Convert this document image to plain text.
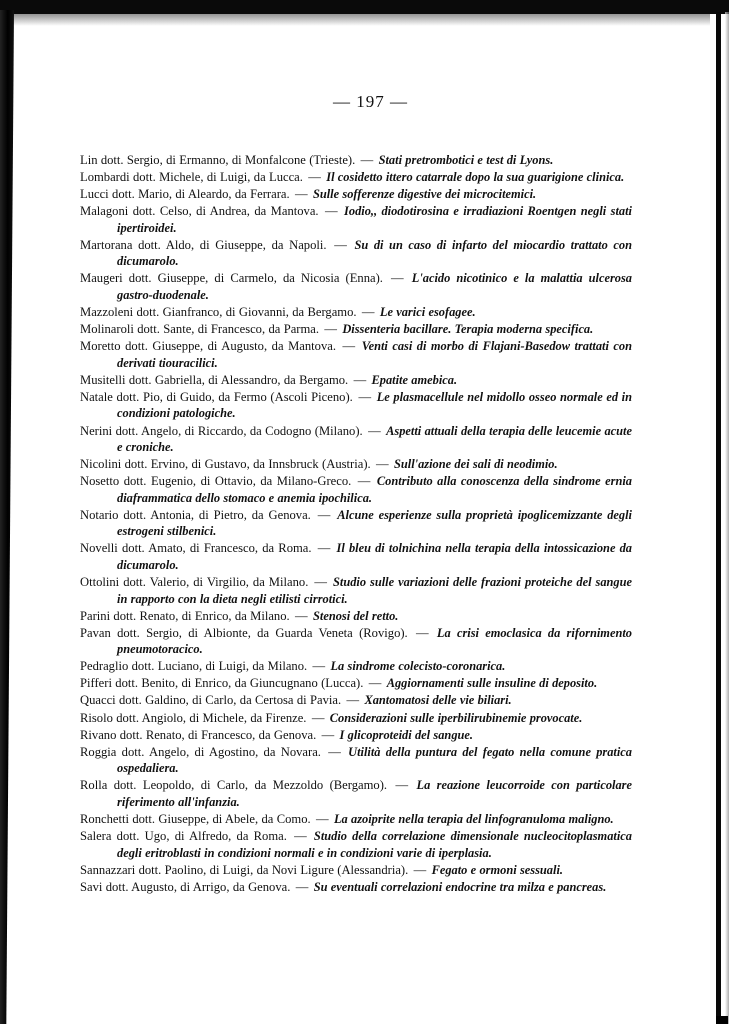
— 197 —

Lin dott. Sergio, di Ermanno, di Monfalcone (Trieste). — Stati pretrombotici e test di Lyons.

Lombardi dott. Michele, di Luigi, da Lucca. — Il cosidetto ittero catarrale dopo la sua guarigione clinica.

Lucci dott. Mario, di Aleardo, da Ferrara. — Sulle sofferenze digestive dei microcitemici.

Malagoni dott. Celso, di Andrea, da Mantova. — Iodio,, diodotirosina e irradiazioni Roentgen negli stati ipertiroidei.

Martorana dott. Aldo, di Giuseppe, da Napoli. — Su di un caso di infarto del miocardio trattato con dicumarolo.

Maugeri dott. Giuseppe, di Carmelo, da Nicosia (Enna). — L'acido nicotinico e la malattia ulcerosa gastro-duodenale.

Mazzoleni dott. Gianfranco, di Giovanni, da Bergamo. — Le varici esofagee.

Molinaroli dott. Sante, di Francesco, da Parma. — Dissenteria bacillare. Terapia moderna specifica.

Moretto dott. Giuseppe, di Augusto, da Mantova. — Venti casi di morbo di Flajani-Basedow trattati con derivati tiouracilici.

Musitelli dott. Gabriella, di Alessandro, da Bergamo. — Epatite amebica.

Natale dott. Pio, di Guido, da Fermo (Ascoli Piceno). — Le plasmacellule nel midollo osseo normale ed in condizioni patologiche.

Nerini dott. Angelo, di Riccardo, da Codogno (Milano). — Aspetti attuali della terapia delle leucemie acute e croniche.

Nicolini dott. Ervino, di Gustavo, da Innsbruck (Austria). — Sull'azione dei sali di neodimio.

Nosetto dott. Eugenio, di Ottavio, da Milano-Greco. — Contributo alla conoscenza della sindrome ernia diaframmatica dello stomaco e anemia ipochilica.

Notario dott. Antonia, di Pietro, da Genova. — Alcune esperienze sulla proprietà ipoglicemizzante degli estrogeni stilbenici.

Novelli dott. Amato, di Francesco, da Roma. — Il bleu di tolnichina nella terapia della intossicazione da dicumarolo.

Ottolini dott. Valerio, di Virgilio, da Milano. — Studio sulle variazioni delle frazioni proteiche del sangue in rapporto con la dieta negli etilisti cirrotici.

Parini dott. Renato, di Enrico, da Milano. — Stenosi del retto.

Pavan dott. Sergio, di Albionte, da Guarda Veneta (Rovigo). — La crisi emoclasica da rifornimento pneumotoracico.

Pedraglio dott. Luciano, di Luigi, da Milano. — La sindrome colecisto-coronarica.

Pifferi dott. Benito, di Enrico, da Giuncugnano (Lucca). — Aggiornamenti sulle insuline di deposito.

Quacci dott. Galdino, di Carlo, da Certosa di Pavia. — Xantomatosi delle vie biliari.

Risolo dott. Angiolo, di Michele, da Firenze. — Considerazioni sulle iperbilirubinemie provocate.

Rivano dott. Renato, di Francesco, da Genova. — I glicoproteidi del sangue.

Roggia dott. Angelo, di Agostino, da Novara. — Utilità della puntura del fegato nella comune pratica ospedaliera.

Rolla dott. Leopoldo, di Carlo, da Mezzoldo (Bergamo). — La reazione leucorroide con particolare riferimento all'infanzia.

Ronchetti dott. Giuseppe, di Abele, da Como. — La azoiprite nella terapia del linfogranuloma maligno.

Salera dott. Ugo, di Alfredo, da Roma. — Studio della correlazione dimensionale nucleocitoplasmatica degli eritroblasti in condizioni normali e in condizioni varie di iperplasia.

Sannazzari dott. Paolino, di Luigi, da Novi Ligure (Alessandria). — Fegato e ormoni sessuali.

Savi dott. Augusto, di Arrigo, da Genova. — Su eventuali correlazioni endocrine tra milza e pancreas.
